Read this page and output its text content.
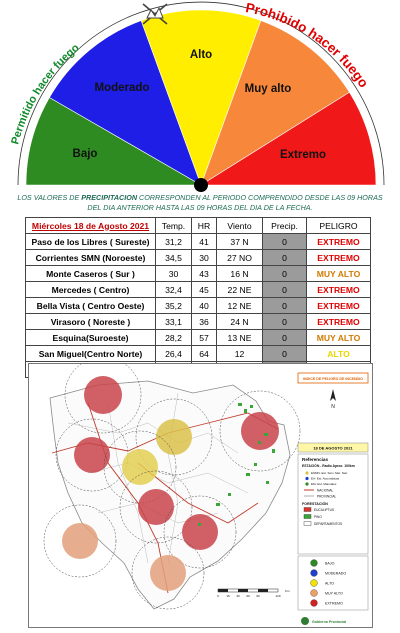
Bajo
Moderado
Alto
Muy alto
Extremo
Prohibido hacer fuego
Permitido hacer fuego
LOS VALORES DE PRECIPITACION CORRESPONDEN AL PERIODO COMPRENDIDO DESDE LAS 09 HORAS DEL DIA ANTERIOR HASTA LAS 09 HORAS DEL DIA DE LA FECHA.
Miércoles 18 de Agosto 2021	Temp.	HR	Viento	Precip.	PELIGRO
Paso de los Libres ( Sureste)	31,2	41	37 N	0	EXTREMO
Corrientes SMN (Noroeste)	34,5	30	27 NO	0	EXTREMO
Monte Caseros ( Sur )	30	43	16 N	0	MUY ALTO
Mercedes ( Centro)	32,4	45	22 NE	0	EXTREMO
Bella Vista ( Centro Oeste)	35,2	40	12 NE	0	EXTREMO
Virasoro ( Noreste )	33,1	36	24 N	0	EXTREMO
Esquina(Suroeste)	28,2	57	13 NE	0	MUY ALTO
San Miguel(Centro Norte)	26,4	64	12	0	ALTO

INDICE DE PELIGRO DE INCENDIO
N
18 DE AGOSTO 2021
Referencias
ESTACIÓN - Radio Aprox. 100km
ESMN- Est. Serv. Met. Nac.
EA- Est. Automáticas
EM- Est. Manuales
NACIONAL
PROVINCIAL
FORESTACIÓN
EUCALIPTUS
PINO
DEPARTAMENTOS
BAJO
MODERADO
ALTO
MUY ALTO
EXTREMO
0 15 30 60 90	120
Km
Gobierno Provincial
